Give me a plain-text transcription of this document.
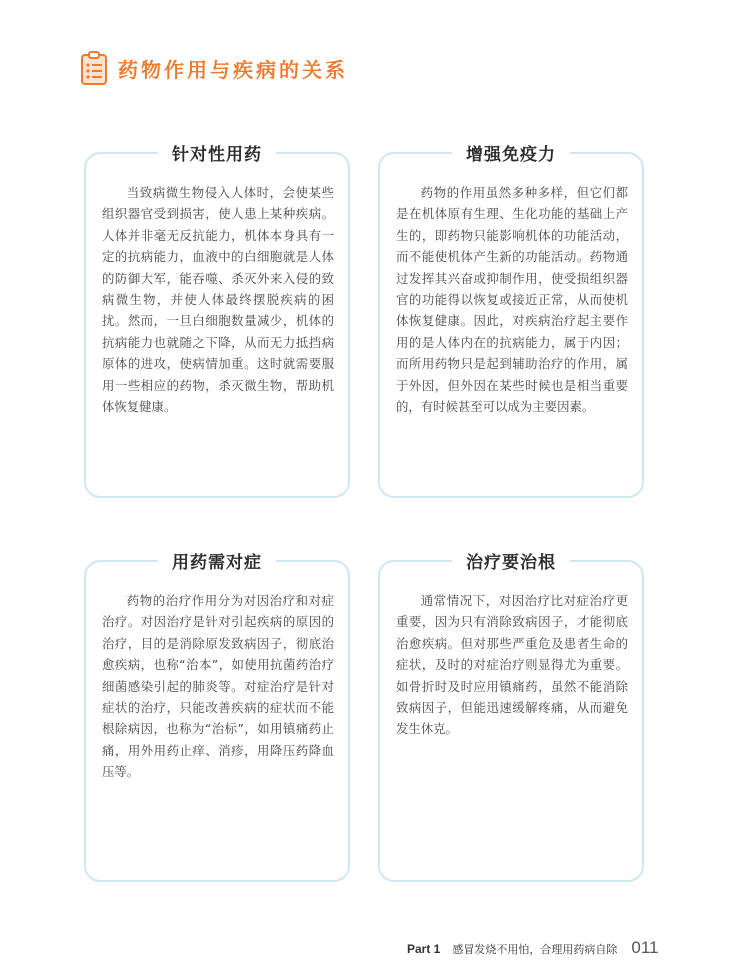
药物作用与疾病的关系
针对性用药

当致病微生物侵入人体时，会使某些组织器官受到损害，使人患上某种疾病。人体并非毫无反抗能力，机体本身具有一定的抗病能力，血液中的白细胞就是人体的防御大军，能吞噬、杀灭外来入侵的致病微生物，并使人体最终摆脱疾病的困扰。然而，一旦白细胞数量减少，机体的抗病能力也就随之下降，从而无力抵挡病原体的进攻，使病情加重。这时就需要服用一些相应的药物，杀灭微生物，帮助机体恢复健康。

增强免疫力

药物的作用虽然多种多样，但它们都是在机体原有生理、生化功能的基础上产生的，即药物只能影响机体的功能活动，而不能使机体产生新的功能活动。药物通过发挥其兴奋或抑制作用，使受损组织器官的功能得以恢复或接近正常，从而使机体恢复健康。因此，对疾病治疗起主要作用的是人体内在的抗病能力，属于内因；而所用药物只是起到辅助治疗的作用，属于外因，但外因在某些时候也是相当重要的，有时候甚至可以成为主要因素。

用药需对症

药物的治疗作用分为对因治疗和对症治疗。对因治疗是针对引起疾病的原因的治疗，目的是消除原发致病因子，彻底治愈疾病，也称“治本”，如使用抗菌药治疗细菌感染引起的肺炎等。对症治疗是针对症状的治疗，只能改善疾病的症状而不能根除病因，也称为“治标”，如用镇痛药止痛，用外用药止痒、消疹，用降压药降血压等。

治疗要治根

通常情况下，对因治疗比对症治疗更重要，因为只有消除致病因子，才能彻底治愈疾病。但对那些严重危及患者生命的症状，及时的对症治疗则显得尤为重要。如骨折时及时应用镇痛药，虽然不能消除致病因子，但能迅速缓解疼痛，从而避免发生休克。

Part 1 感冒发烧不用怕，合理用药病自除 011
